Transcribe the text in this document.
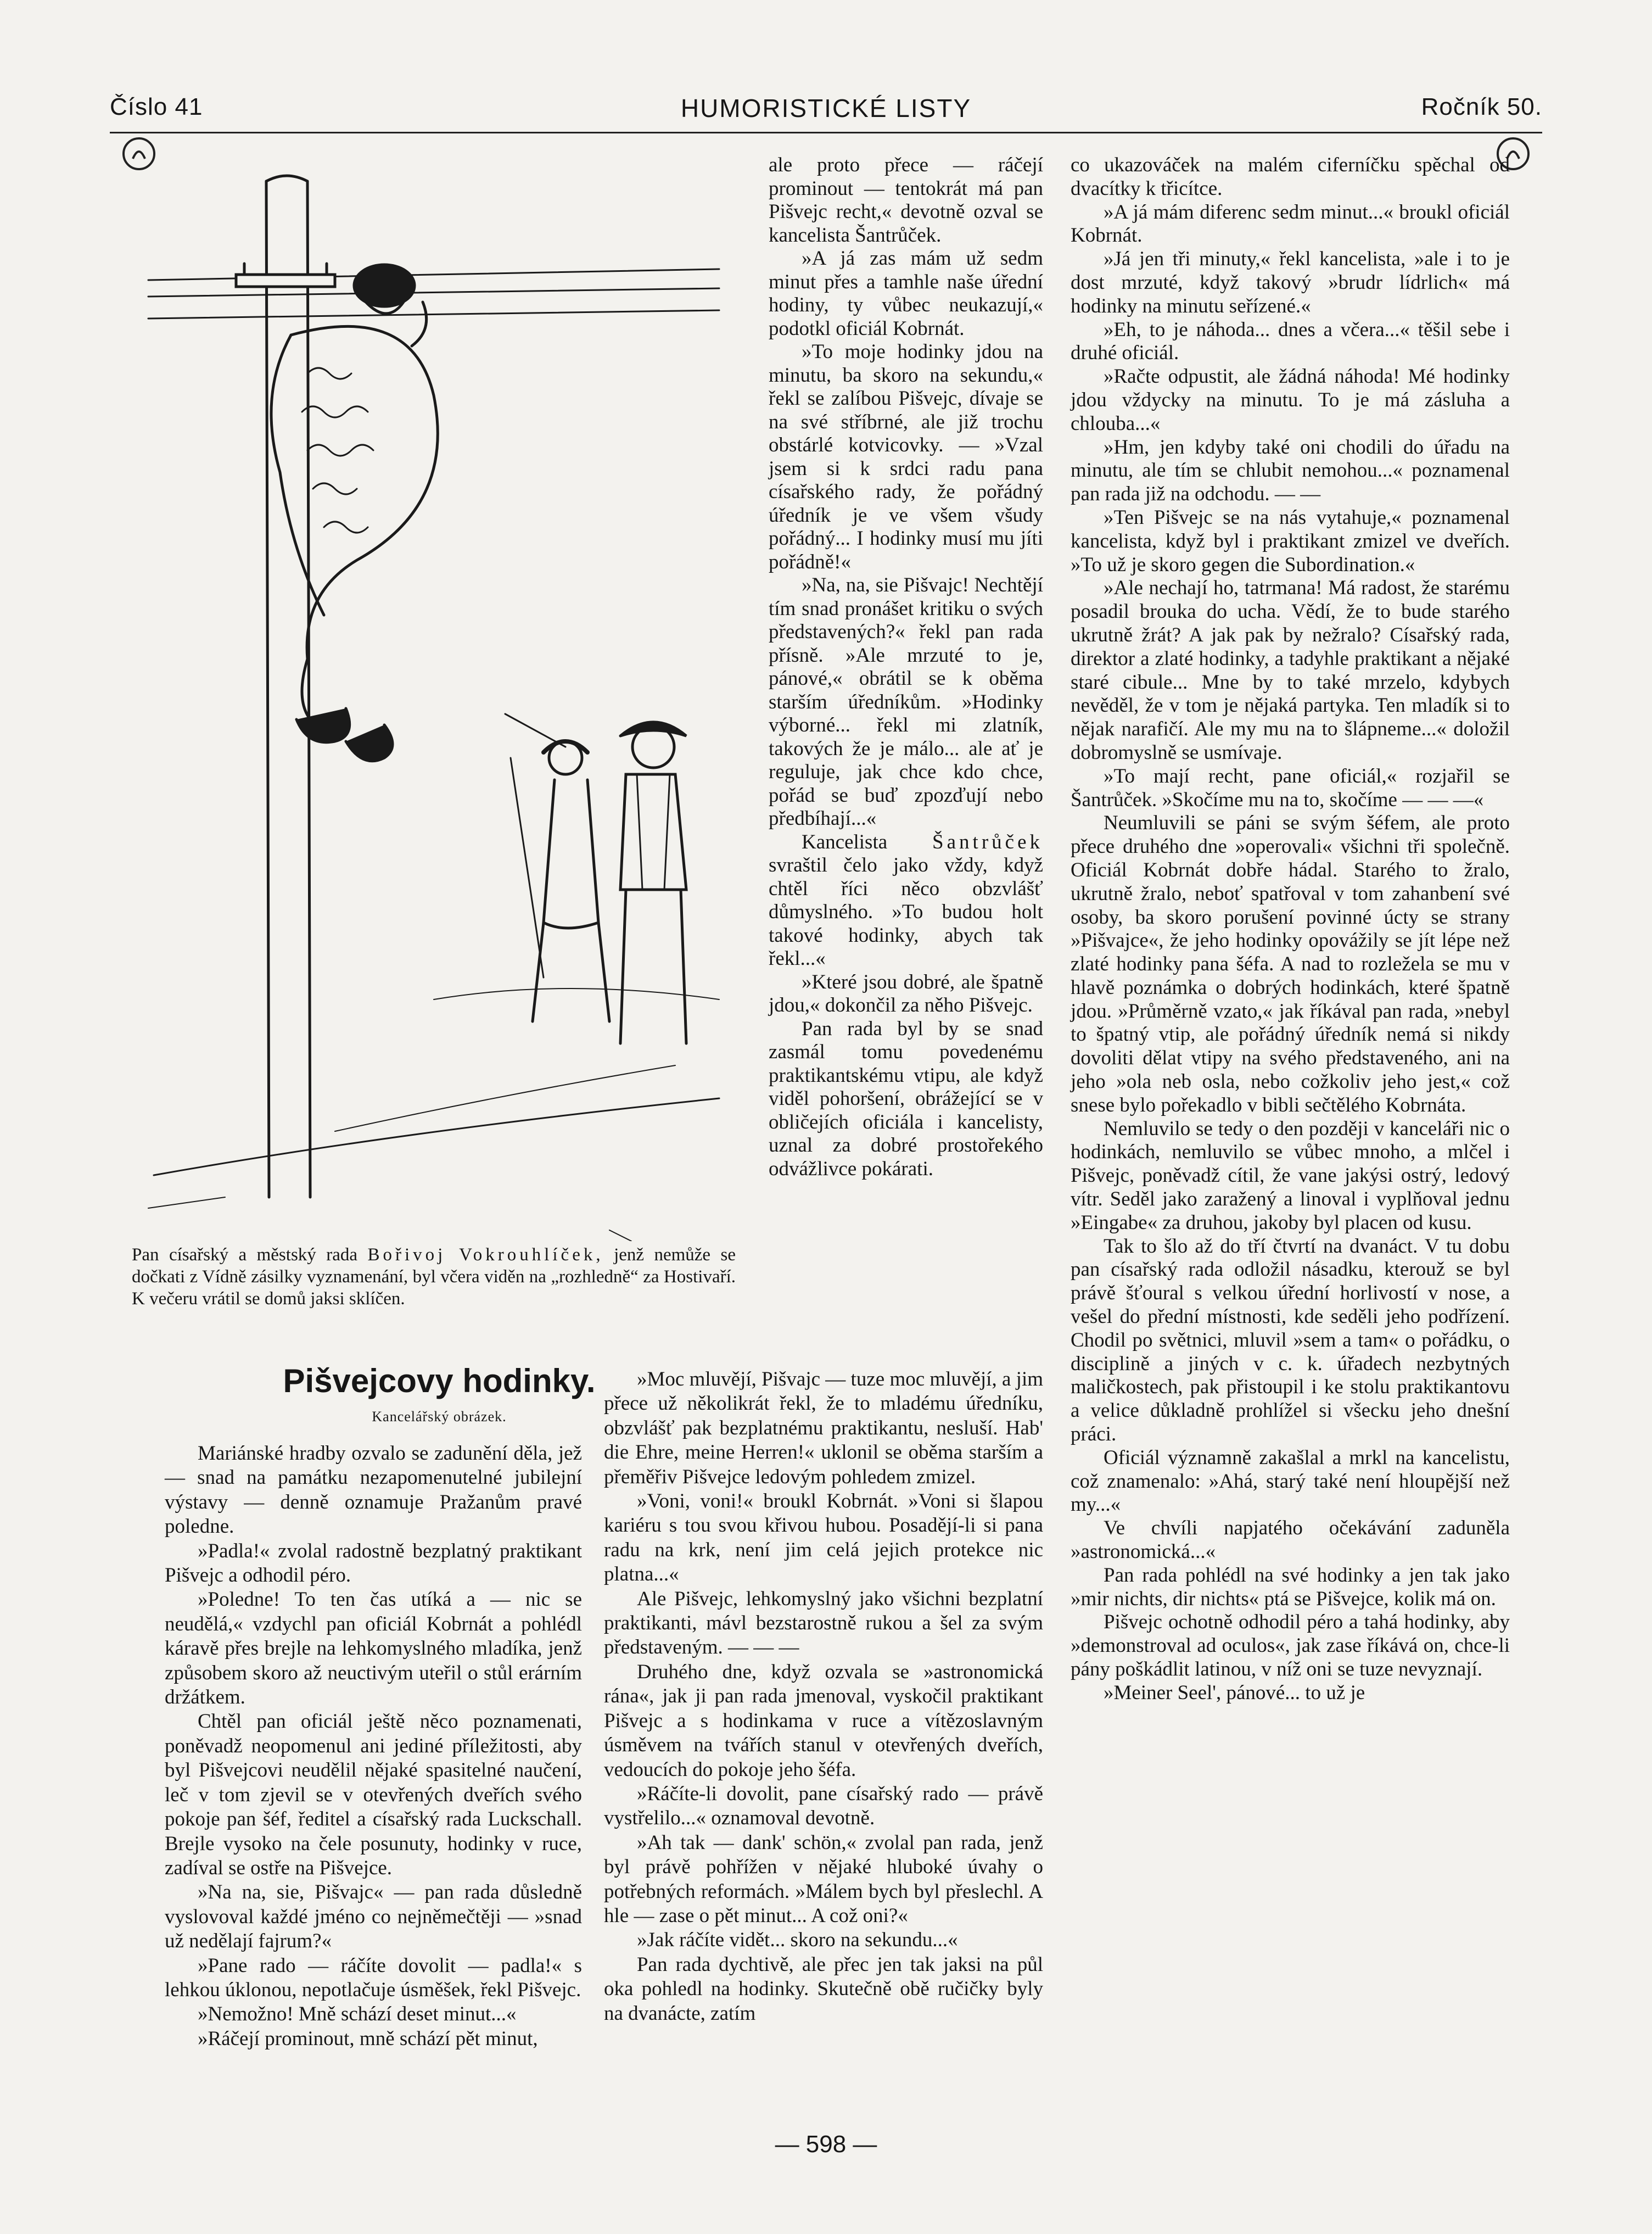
Číslo 41	HUMORISTICKÉ LISTY	Ročník 50.
Pan císařský a městský rada Bořivoj Vokrouhlíček, jenž nemůže se dočkati z Vídně zásilky vyznamenání, byl včera viděn na „rozhledně“ za Hostivaří. K večeru vrátil se domů jaksi sklíčen.
Pišvejcovy hodinky.
Kancelářský obrázek.

Mariánské hradby ozvalo se zadunění děla, jež — snad na památku nezapomenutelné jubilejní výstavy — denně oznamuje Pražanům pravé poledne.

»Padla!« zvolal radostně bezplatný praktikant Pišvejc a odhodil péro.

»Poledne! To ten čas utíká a — nic se neudělá,« vzdychl pan oficiál Kobrnát a pohlédl káravě přes brejle na lehkomyslného mladíka, jenž způsobem skoro až neuctivým uteřil o stůl erárním držátkem.

Chtěl pan oficiál ještě něco poznamenati, poněvadž neopomenul ani jediné příležitosti, aby byl Pišvejcovi neudělil nějaké spasitelné naučení, leč v tom zjevil se v otevřených dveřích svého pokoje pan šéf, ředitel a císařský rada Luckschall. Brejle vysoko na čele posunuty, hodinky v ruce, zadíval se ostře na Pišvejce.

»Na na, sie, Pišvajc« — pan rada důsledně vyslovoval každé jméno co nejněmečtěji — »snad už nedělají fajrum?«

»Pane rado — ráčíte dovolit — padla!« s lehkou úklonou, nepotlačuje úsměšek, řekl Pišvejc.

»Nemožno! Mně schází deset minut...«

»Ráčejí prominout, mně schází pět minut,

ale proto přece — ráčejí prominout — tentokrát má pan Pišvejc recht,« devotně ozval se kancelista Šantrůček.

»A já zas mám už sedm minut přes a tamhle naše úřední hodiny, ty vůbec neukazují,« podotkl oficiál Kobrnát.

»To moje hodinky jdou na minutu, ba skoro na sekundu,« řekl se zalíbou Pišvejc, dívaje se na své stříbrné, ale již trochu obstárlé kotvicovky. — »Vzal jsem si k srdci radu pana císařského rady, že pořádný úředník je ve všem všudy pořádný... I hodinky musí mu jíti pořádně!«

»Na, na, sie Pišvajc! Nechtějí tím snad pronášet kritiku o svých představených?« řekl pan rada přísně. »Ale mrzuté to je, pánové,« obrátil se k oběma starším úředníkům. »Hodinky výborné... řekl mi zlatník, takových že je málo... ale ať je reguluje, jak chce kdo chce, pořád se buď zpozďují nebo předbíhají...«

Kancelista Šantrůček svraštil čelo jako vždy, když chtěl říci něco obzvlášť důmyslného. »To budou holt takové hodinky, abych tak řekl...«

»Které jsou dobré, ale špatně jdou,« dokončil za něho Pišvejc.

Pan rada byl by se snad zasmál tomu povedenému praktikantskému vtipu, ale když viděl pohoršení, obrážející se v obličejích oficiála i kancelisty, uznal za dobré prostořekého odvážlivce pokárati.

»Moc mluvějí, Pišvajc — tuze moc mluvějí, a jim přece už několikrát řekl, že to mladému úředníku, obzvlášť pak bezplatnému praktikantu, nesluší. Hab' die Ehre, meine Herren!« uklonil se oběma starším a přeměřiv Pišvejce ledovým pohledem zmizel.

»Voni, voni!« broukl Kobrnát. »Voni si šlapou kariéru s tou svou křivou hubou. Posadějí-li si pana radu na krk, není jim celá jejich protekce nic platna...«

Ale Pišvejc, lehkomyslný jako všichni bezplatní praktikanti, mávl bezstarostně rukou a šel za svým představeným. — — —

Druhého dne, když ozvala se »astronomická rána«, jak ji pan rada jmenoval, vyskočil praktikant Pišvejc a s hodinkama v ruce a vítězoslavným úsměvem na tvářích stanul v otevřených dveřích, vedoucích do pokoje jeho šéfa.

»Ráčíte-li dovolit, pane císařský rado — právě vystřelilo...« oznamoval devotně.

»Ah tak — dank' schön,« zvolal pan rada, jenž byl právě pohřížen v nějaké hluboké úvahy o potřebných reformách. »Málem bych byl přeslechl. A hle — zase o pět minut... A což oni?«

»Jak ráčíte vidět... skoro na sekundu...«

Pan rada dychtivě, ale přec jen tak jaksi na půl oka pohledl na hodinky. Skutečně obě ručičky byly na dvanácte, zatím

co ukazováček na malém ciferníčku spěchal od dvacítky k třicítce.

»A já mám diferenc sedm minut...« broukl oficiál Kobrnát.

»Já jen tři minuty,« řekl kancelista, »ale i to je dost mrzuté, když takový »brudr lídrlich« má hodinky na minutu seřízené.«

»Eh, to je náhoda... dnes a včera...« těšil sebe i druhé oficiál.

»Račte odpustit, ale žádná náhoda! Mé hodinky jdou vždycky na minutu. To je má zásluha a chlouba...«

»Hm, jen kdyby také oni chodili do úřadu na minutu, ale tím se chlubit nemohou...« poznamenal pan rada již na odchodu. — —

»Ten Pišvejc se na nás vytahuje,« poznamenal kancelista, když byl i praktikant zmizel ve dveřích. »To už je skoro gegen die Subordination.«

»Ale nechají ho, tatrmana! Má radost, že starému posadil brouka do ucha. Vědí, že to bude starého ukrutně žrát? A jak pak by nežralo? Císařský rada, direktor a zlaté hodinky, a tadyhle praktikant a nějaké staré cibule... Mne by to také mrzelo, kdybych nevěděl, že v tom je nějaká partyka. Ten mladík si to nějak narafičí. Ale my mu na to šlápneme...« doložil dobromyslně se usmívaje.

»To mají recht, pane oficiál,« rozjařil se Šantrůček. »Skočíme mu na to, skočíme — — —«

Neumluvili se páni se svým šéfem, ale proto přece druhého dne »operovali« všichni tři společně. Oficiál Kobrnát dobře hádal. Starého to žralo, ukrutně žralo, neboť spatřoval v tom zahanbení své osoby, ba skoro porušení povinné úcty se strany »Pišvajce«, že jeho hodinky opovážily se jít lépe než zlaté hodinky pana šéfa. A nad to rozležela se mu v hlavě poznámka o dobrých hodinkách, které špatně jdou. »Průměrně vzato,« jak říkával pan rada, »nebyl to špatný vtip, ale pořádný úředník nemá si nikdy dovoliti dělat vtipy na svého představeného, ani na jeho »ola neb osla, nebo cožkoliv jeho jest,« což snese bylo pořekadlo v bibli sečtělého Kobrnáta.

Nemluvilo se tedy o den později v kanceláři nic o hodinkách, nemluvilo se vůbec mnoho, a mlčel i Pišvejc, poněvadž cítil, že vane jakýsi ostrý, ledový vítr. Seděl jako zaražený a linoval i vyplňoval jednu »Eingabe« za druhou, jakoby byl placen od kusu.

Tak to šlo až do tří čtvrtí na dvanáct. V tu dobu pan císařský rada odložil násadku, kterouž se byl právě šťoural s velkou úřední horlivostí v nose, a vešel do přední místnosti, kde seděli jeho podřízení. Chodil po světnici, mluvil »sem a tam« o pořádku, o disciplině a jiných v c. k. úřadech nezbytných maličkostech, pak přistoupil i ke stolu praktikantovu a velice důkladně prohlížel si všecku jeho dnešní práci.

Oficiál významně zakašlal a mrkl na kancelistu, což znamenalo: »Ahá, starý také není hloupější než my...«

Ve chvíli napjatého očekávání zaduněla »astronomická...«

Pan rada pohlédl na své hodinky a jen tak jako »mir nichts, dir nichts« ptá se Pišvejce, kolik má on.

Pišvejc ochotně odhodil péro a tahá hodinky, aby »demonstroval ad oculos«, jak zase říkává on, chce-li pány poškádlit latinou, v níž oni se tuze nevyznají.

»Meiner Seel', pánové... to už je

— 598 —
